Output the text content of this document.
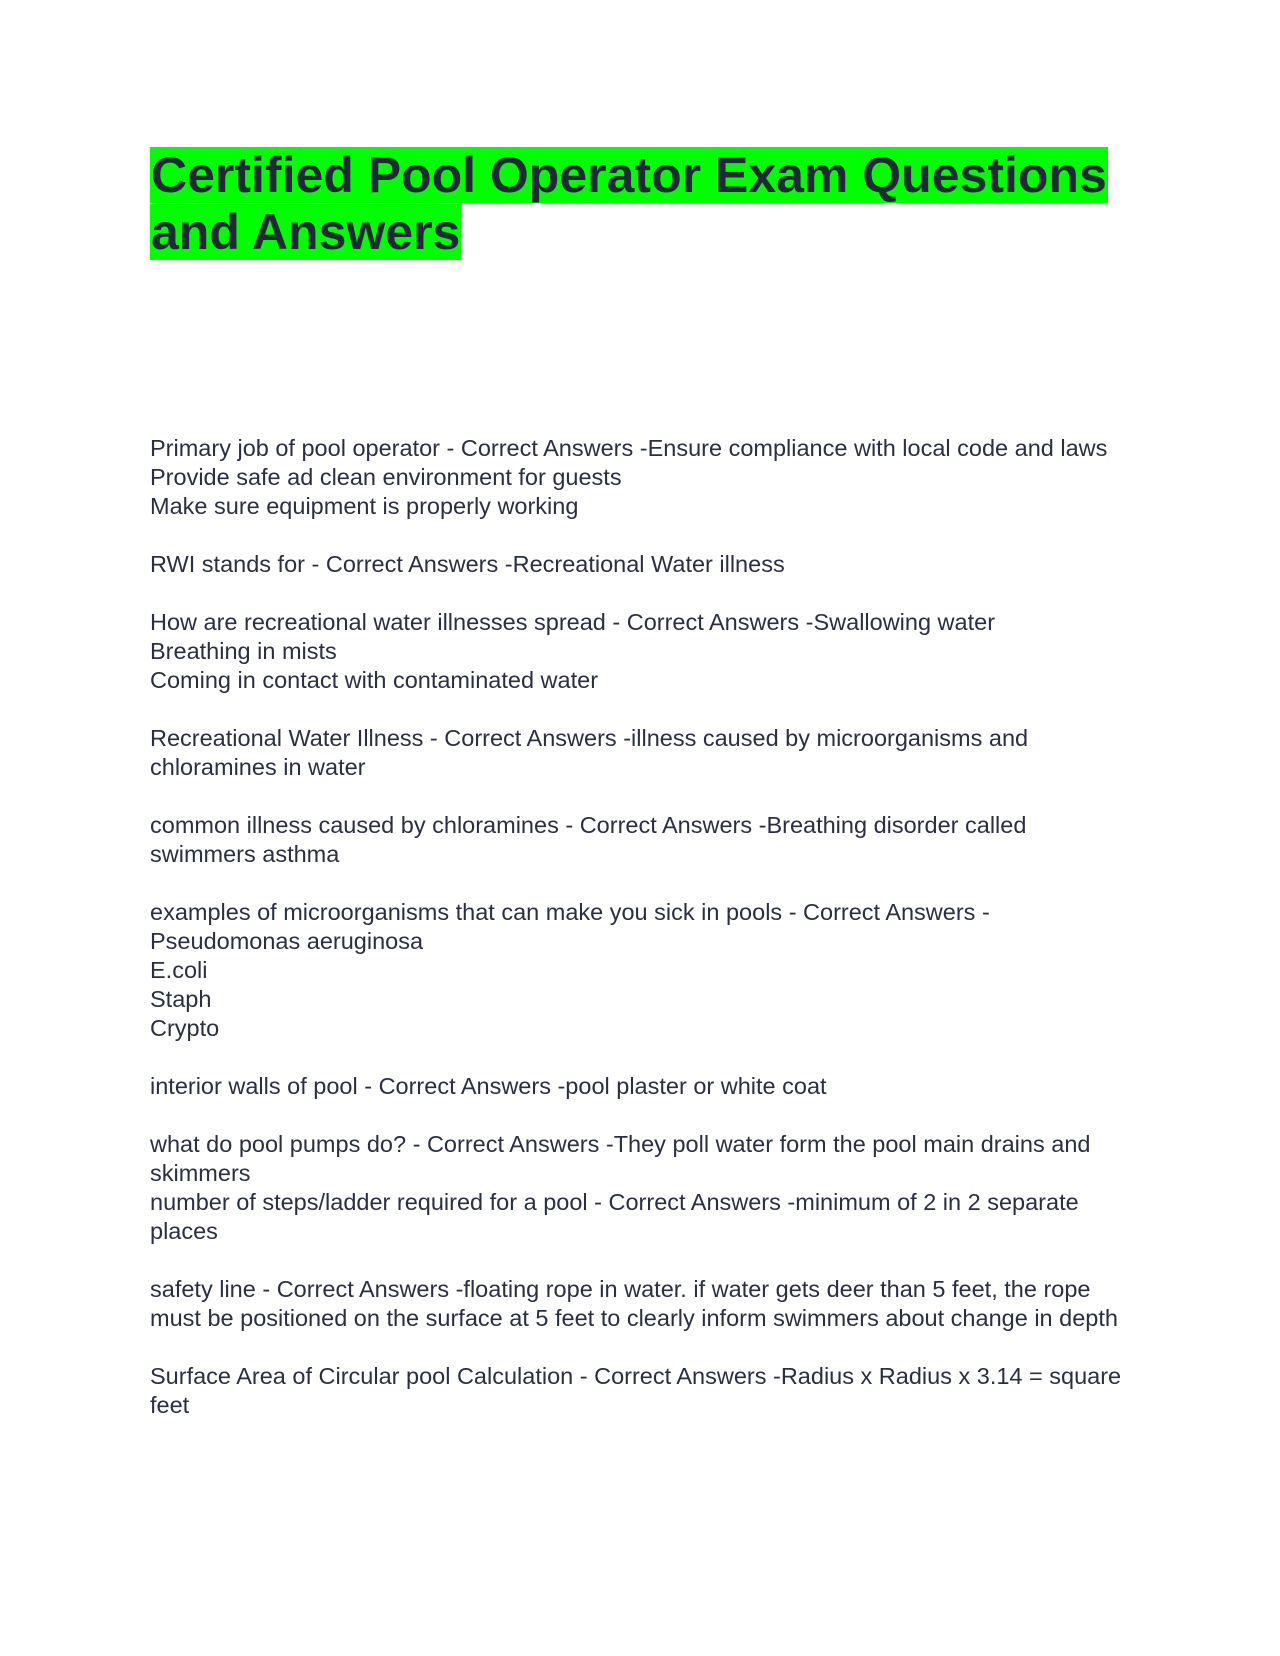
Certified Pool Operator Exam Questions and Answers
Primary job of pool operator - Correct Answers -Ensure compliance with local code and laws
Provide safe ad clean environment for guests
Make sure equipment is properly working
RWI stands for - Correct Answers -Recreational Water illness
How are recreational water illnesses spread - Correct Answers -Swallowing water
Breathing in mists
Coming in contact with contaminated water
Recreational Water Illness - Correct Answers -illness caused by microorganisms and chloramines in water
common illness caused by chloramines - Correct Answers -Breathing disorder called swimmers asthma
examples of microorganisms that can make you sick in pools - Correct Answers -Pseudomonas aeruginosa
E.coli
Staph
Crypto
interior walls of pool - Correct Answers -pool plaster or white coat
what do pool pumps do? - Correct Answers -They poll water form the pool main drains and skimmers
number of steps/ladder required for a pool - Correct Answers -minimum of 2 in 2 separate places
safety line - Correct Answers -floating rope in water. if water gets deer than 5 feet, the rope must be positioned on the surface at 5 feet to clearly inform swimmers about change in depth
Surface Area of Circular pool Calculation - Correct Answers -Radius x Radius x 3.14 = square feet
